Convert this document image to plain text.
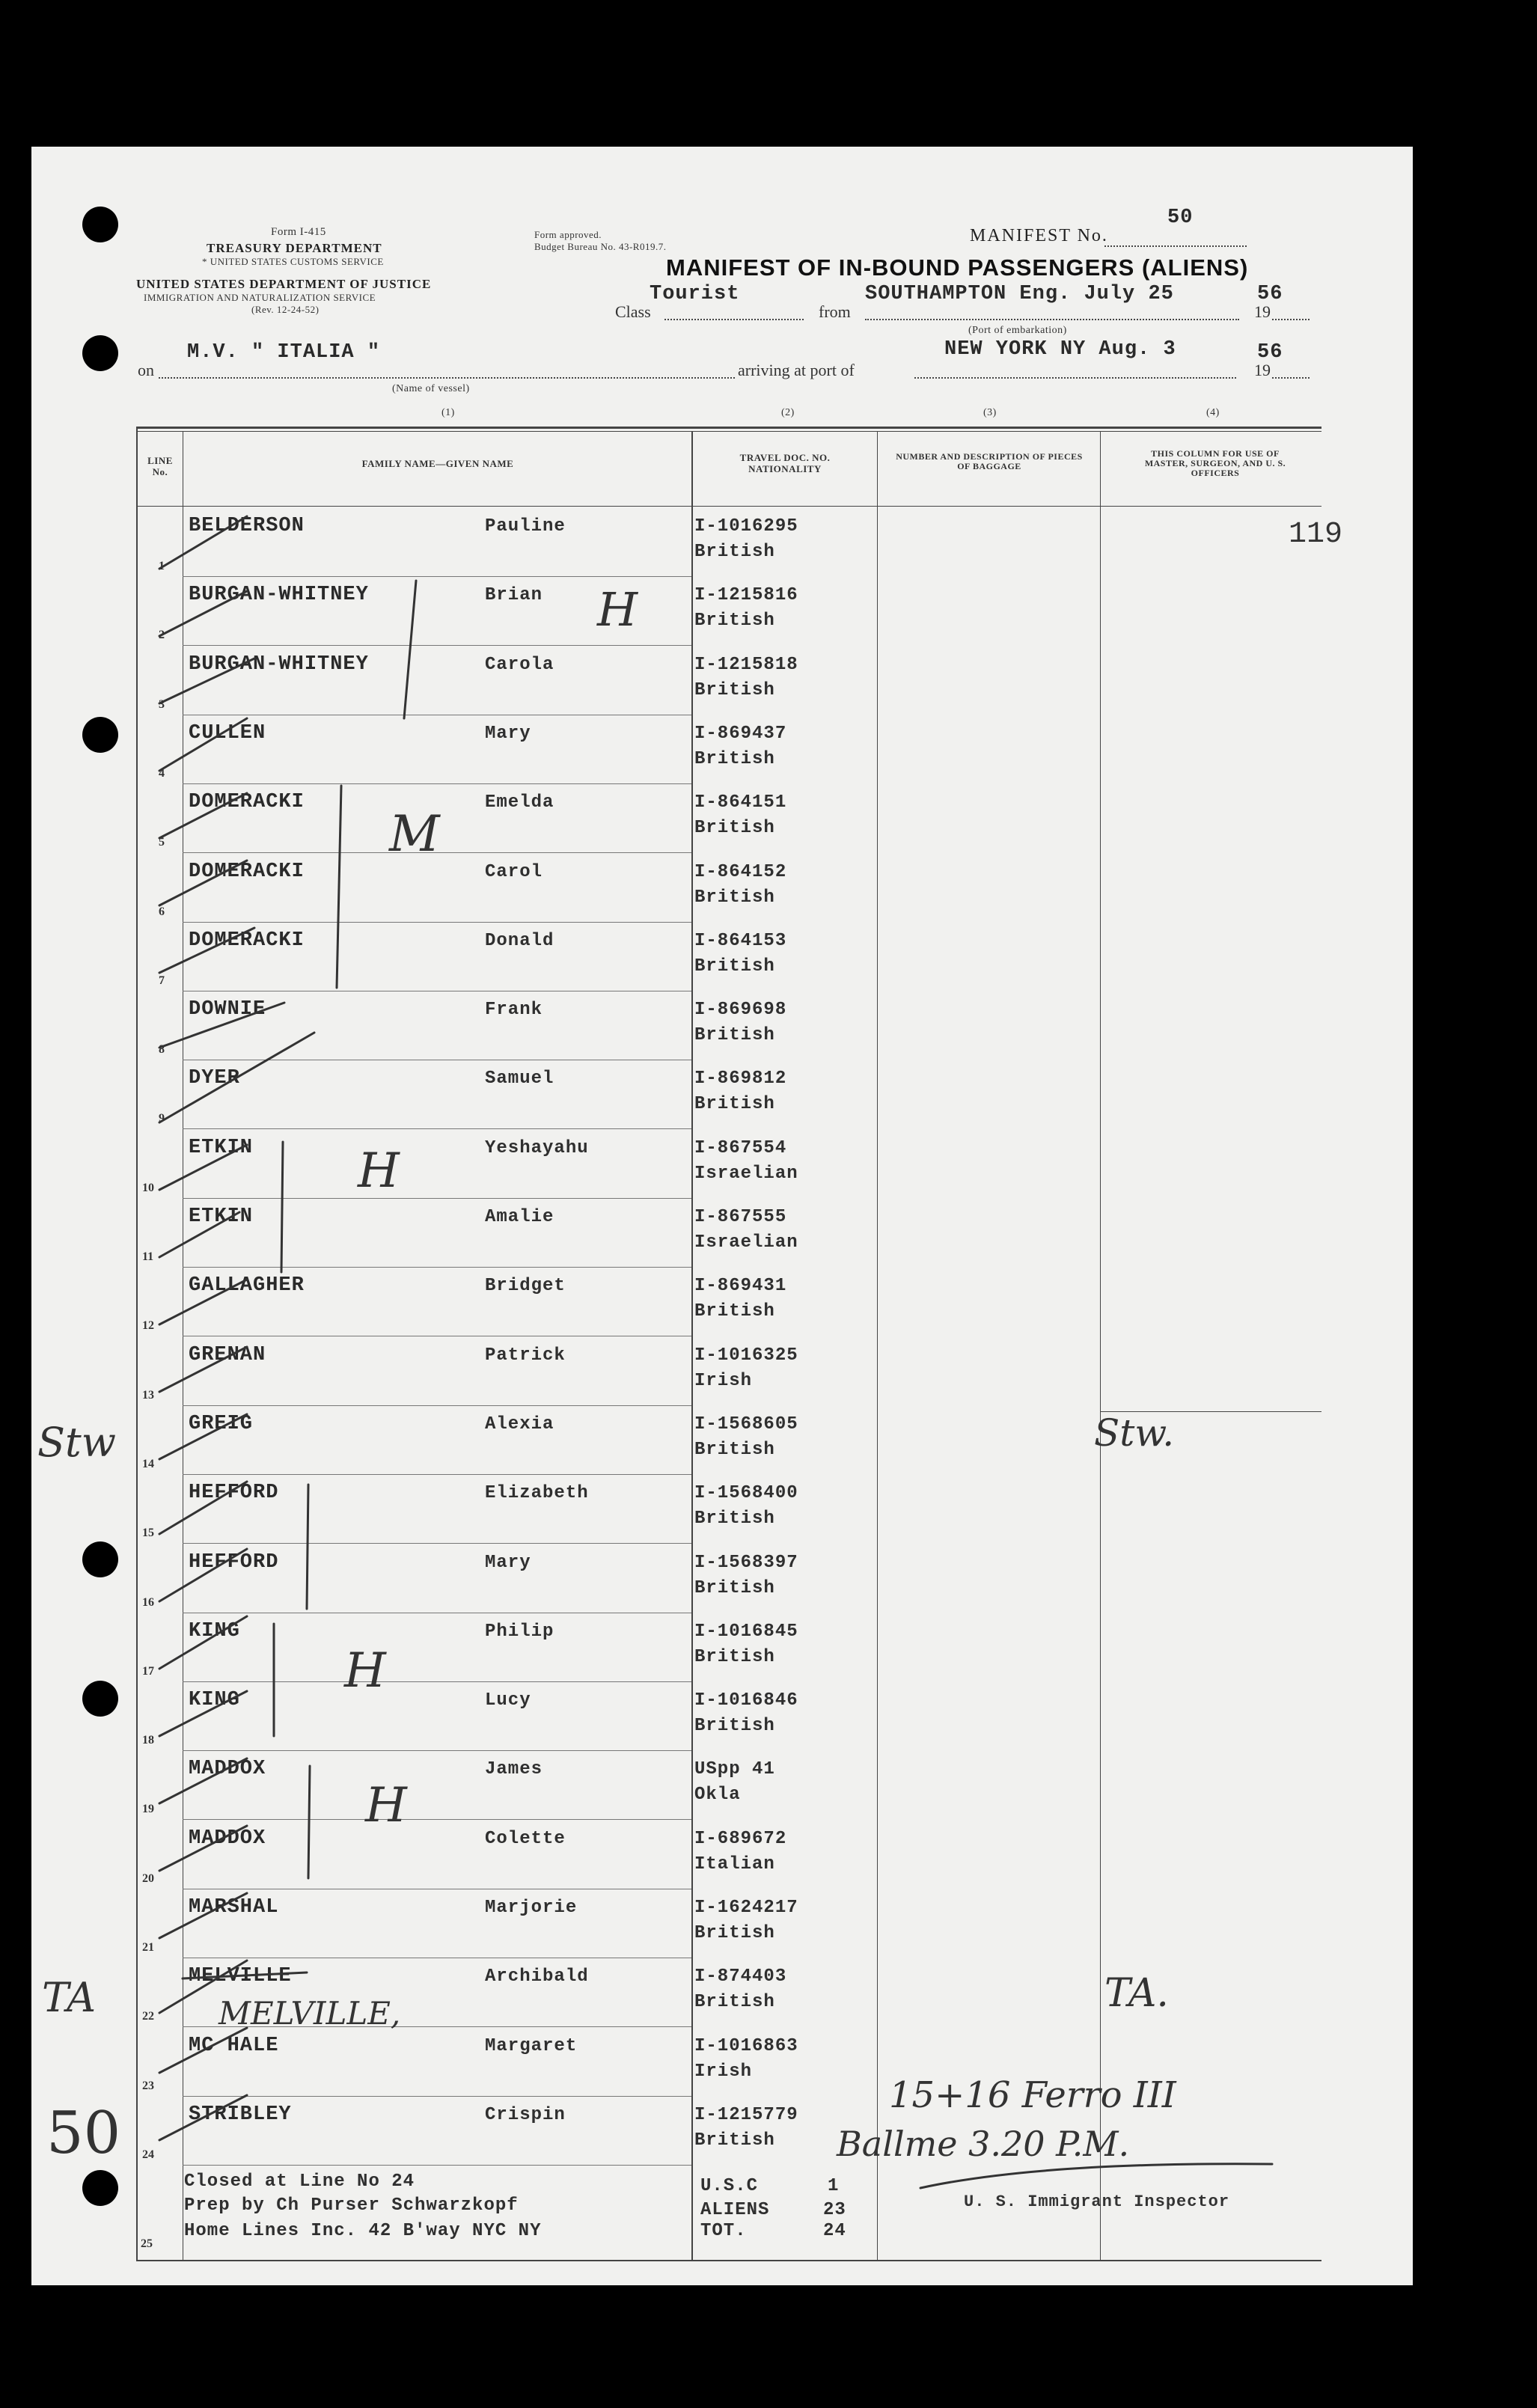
Form I-415
TREASURY DEPARTMENT
* UNITED STATES CUSTOMS SERVICE
UNITED STATES DEPARTMENT OF JUSTICE
IMMIGRATION AND NATURALIZATION SERVICE
(Rev. 12-24-52)
Form approved.
Budget Bureau No. 43-R019.7.
MANIFEST No.
50
MANIFEST OF IN-BOUND PASSENGERS (ALIENS)
Class
Tourist
from
SOUTHAMPTON Eng. July 25
19
56
(Port of embarkation)
on
M.V. " ITALIA "
(Name of vessel)
arriving at port of
NEW YORK NY Aug. 3
19
56
(1)	(2)	(3)	(4)
LINE No.
FAMILY NAME—GIVEN NAME
TRAVEL DOC. NO. NATIONALITY
NUMBER AND DESCRIPTION OF PIECES OF BAGGAGE
THIS COLUMN FOR USE OF MASTER, SURGEON, AND U. S. OFFICERS
1
BELDERSON	Pauline	I-1016295
British
2
BURGAN-WHITNEY	Brian	I-1215816
British
3
BURGAN-WHITNEY	Carola	I-1215818
British
4
CULLEN	Mary	I-869437
British
5
DOMERACKI	Emelda	I-864151
British
6
DOMERACKI	Carol	I-864152
British
7
DOMERACKI	Donald	I-864153
British
8
DOWNIE	Frank	I-869698
British
9
DYER	Samuel	I-869812
British
10
ETKIN	Yeshayahu	I-867554
Israelian
11
ETKIN	Amalie	I-867555
Israelian
12
GALLAGHER	Bridget	I-869431
British
13
GRENAN	Patrick	I-1016325
Irish
14
GREIG	Alexia	I-1568605
British
15
HEFFORD	Elizabeth	I-1568400
British
16
HEFFORD	Mary	I-1568397
British
17
KING	Philip	I-1016845
British
18
KING	Lucy	I-1016846
British
19
MADDOX	James	USpp 41
Okla
20
MADDOX	Colette	I-689672
Italian
21
MARSHAL	Marjorie	I-1624217
British
22
MELVILLE	Archibald	I-874403
British
23
MC HALE	Margaret	I-1016863
Irish
24
STRIBLEY	Crispin	I-1215779
British
25
Closed at Line No 24
Prep by Ch Purser Schwarzkopf
Home Lines Inc. 42 B'way NYC NY
U.S.C	1
ALIENS	23
TOT.	24
U. S. Immigrant Inspector
119
H
M
H
H
H
Stw	Stw.
TA	TA.
MELVILLE,
50
15+16 Ferro III
Ballme 3.20 P.M.
